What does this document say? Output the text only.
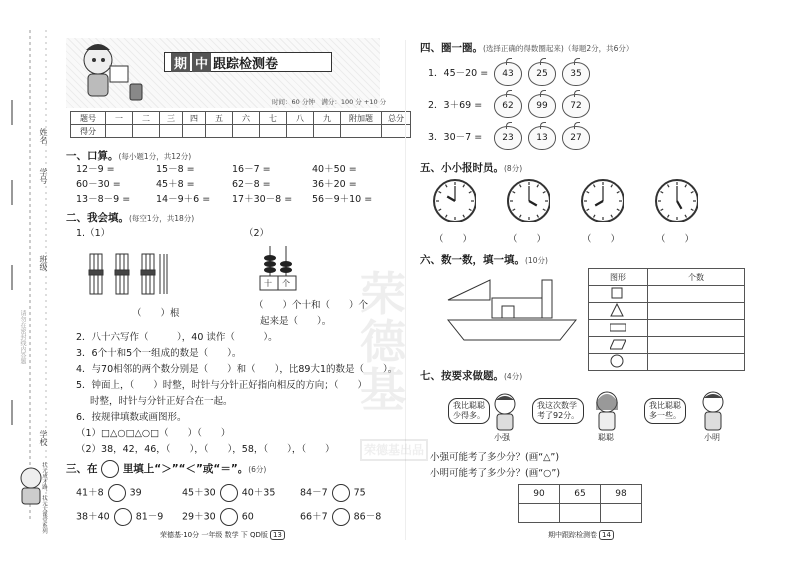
姓名
学号
班级
学校
请勿在密封线内答题
期 中 跟踪检测卷
时间：60 分钟　满分：100 分 +10 分
题号	一	二	三	四	五	六	七	八	九	附加题	总分
得分											
一、口算。(每小题1分，共12分)
12－9 =	15－8 =	16－7 =	40＋50 =
60－30 =	45＋8 =	62－8 =	36＋20 =
13－8－9 =	14－9＋6 = 17＋30－8 = 56－9＋10 =
二、我会填。(每空1分，共18分)
1.（1）	（2）
（　　）根
十 个
（　　）个十和（　　）个
起来是（　　）。
2．八十六写作（　　　），40 读作（　　　）。
3．6个十和5个一组成的数是（　　）。
4．与70相邻的两个数分别是（　　）和（　　），比89大1的数是（　　）。
5．钟面上，（　　）时整，时针与分针正好指向相反的方向；（　　）
时整，时针与分针正好合在一起。
6．按规律填数或画图形。
（1）□△○□△○□（　　）（　　）
（2）38，42，46，（　　），（　　），58，（　　），（　　）
三、在 里填上“＞”“＜”或“＝”。(6分)
41＋8	39	45＋30	40＋35	84－7	75
38＋40	81－9 29＋30	60	66＋7	86－8
荣德基·10分 一年级 数学 下 QD版 13
状元成才路，状元大课堂系列
荣
德
基
荣德基出品
四、圈一圈。(选择正确的得数圈起来)（每题2分，共6分）
1．45－20 =	43	25	35
2．3＋69 =	62	99	72
3．30－7 =	23	13	27
五、小小报时员。(8分)
（　　）	（　　）	（　　）	（　　）
六、数一数，填一填。(10分)
图形	个数

七、按要求做题。(4分)
我比聪聪
少得多。
我这次数学
考了92分。
我比聪聪
多一些。
小强	聪聪	小明
小强可能考了多少分？(画“△”)
小明可能考了多少分？(画“○”)
90	65	98

期中跟踪检测卷 14
